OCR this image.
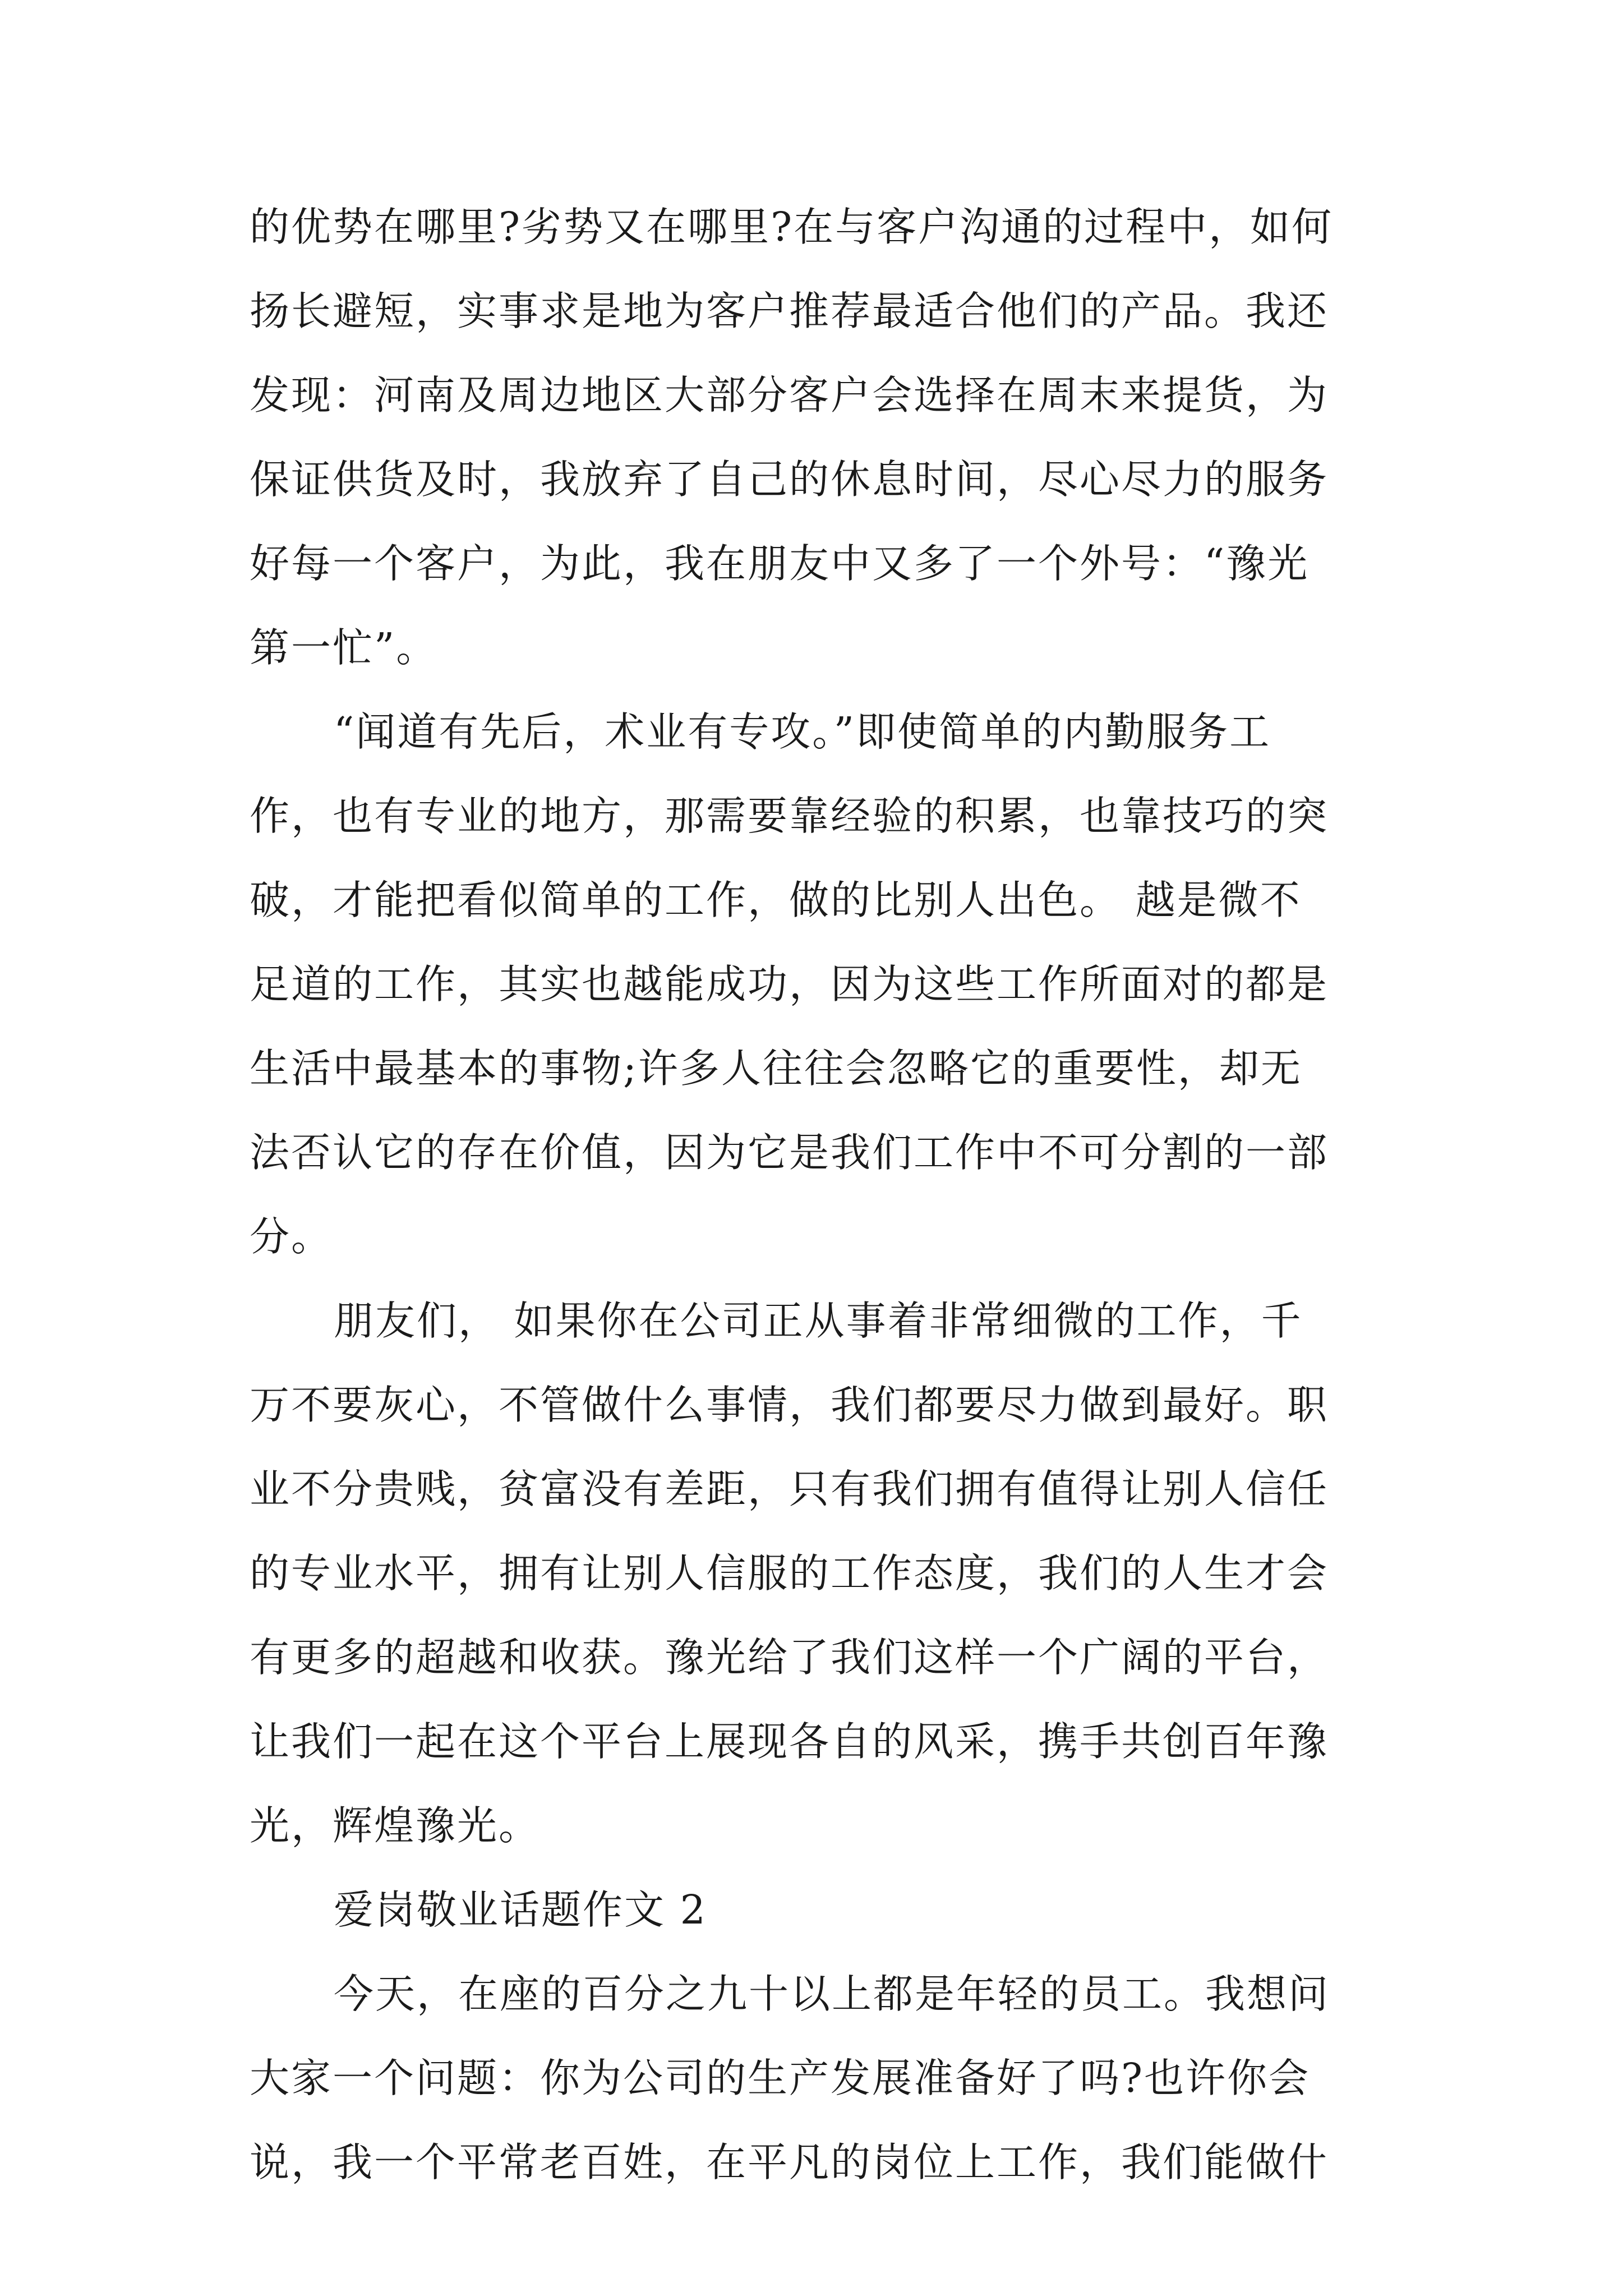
的优势在哪里?劣势又在哪里?在与客户沟通的过程中，如何
扬长避短，实事求是地为客户推荐最适合他们的产品。我还
发现：河南及周边地区大部分客户会选择在周末来提货，为
保证供货及时，我放弃了自己的休息时间，尽心尽力的服务
好每一个客户，为此，我在朋友中又多了一个外号：“豫光
第一忙”。
“闻道有先后，术业有专攻。”即使简单的内勤服务工
作，也有专业的地方，那需要靠经验的积累，也靠技巧的突
破，才能把看似简单的工作，做的比别人出色。 越是微不
足道的工作，其实也越能成功，因为这些工作所面对的都是
生活中最基本的事物;许多人往往会忽略它的重要性，却无
法否认它的存在价值，因为它是我们工作中不可分割的一部
分。
朋友们， 如果你在公司正从事着非常细微的工作，千
万不要灰心，不管做什么事情，我们都要尽力做到最好。职
业不分贵贱，贫富没有差距，只有我们拥有值得让别人信任
的专业水平，拥有让别人信服的工作态度，我们的人生才会
有更多的超越和收获。豫光给了我们这样一个广阔的平台，
让我们一起在这个平台上展现各自的风采，携手共创百年豫
光，辉煌豫光。
爱岗敬业话题作文 2
今天，在座的百分之九十以上都是年轻的员工。我想问
大家一个问题：你为公司的生产发展准备好了吗?也许你会
说，我一个平常老百姓，在平凡的岗位上工作，我们能做什
